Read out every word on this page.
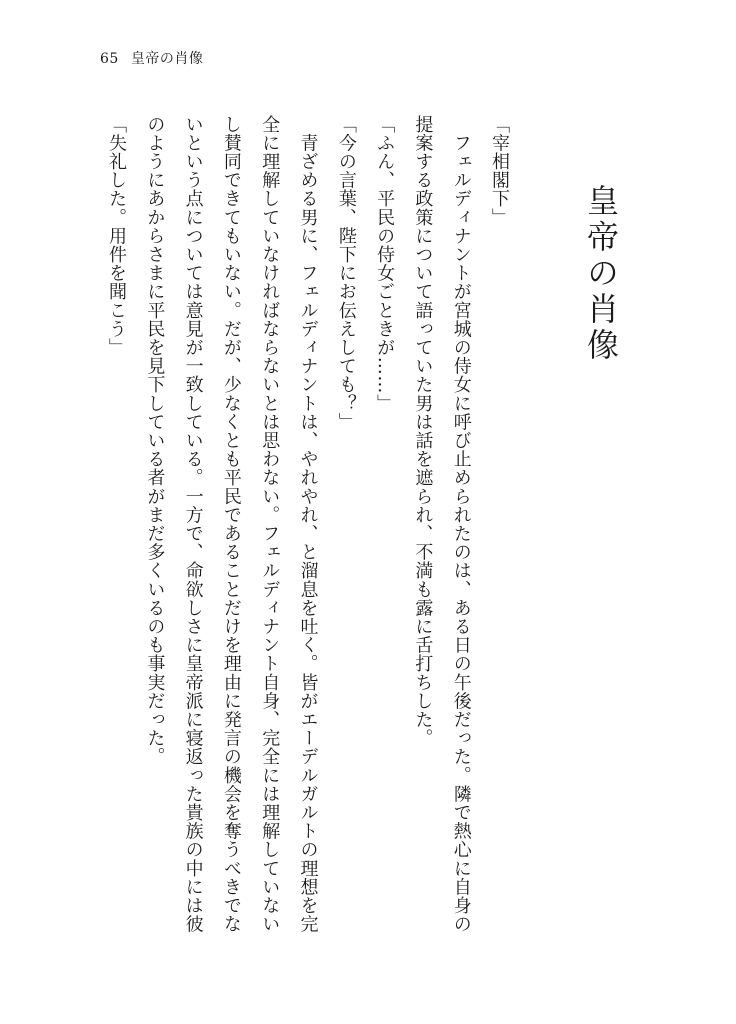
65 皇帝の肖像
皇帝の肖像

「宰相閣下」

　フェルディナントが宮城の侍女に呼び止められたのは、ある日の午後だった。隣で熱心に自身の

提案する政策について語っていた男は話を遮られ、不満も露に舌打ちした。

「ふん、平民の侍女ごときが……」

「今の言葉、陛下にお伝えしても？」

　青ざめる男に、フェルディナントは、やれやれ、と溜息を吐く。皆がエーデルガルトの理想を完

全に理解していなければならないとは思わない。フェルディナント自身、完全には理解していない

し賛同できてもいない。だが、少なくとも平民であることだけを理由に発言の機会を奪うべきでな

いという点については意見が一致している。一方で、命欲しさに皇帝派に寝返った貴族の中には彼

のようにあからさまに平民を見下している者がまだ多くいるのも事実だった。

「失礼した。用件を聞こう」
